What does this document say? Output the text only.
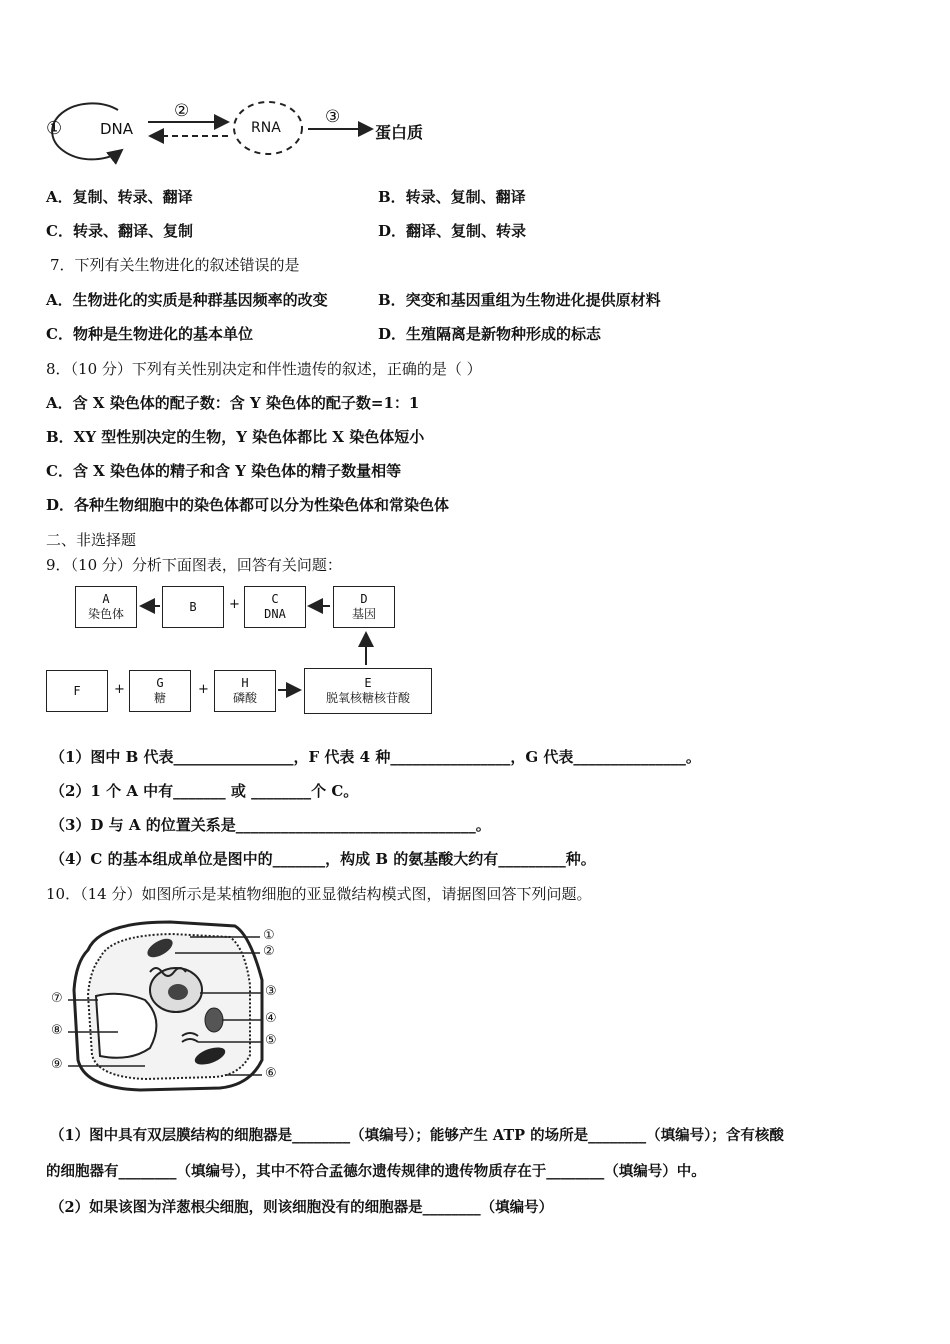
①	DNA
②
RNA
③
蛋白质
A．复制、转录、翻译	B．转录、复制、翻译
C．转录、翻译、复制	D．翻译、复制、转录
7．下列有关生物进化的叙述错误的是
A．生物进化的实质是种群基因频率的改变	B．突变和基因重组为生物进化提供原材料
C．物种是生物进化的基本单位	D．生殖隔离是新物种形成的标志
8．（10 分）下列有关性别决定和伴性遗传的叙述，正确的是（ ）
A．含 X 染色体的配子数：含 Y 染色体的配子数=1：1
B．XY 型性别决定的生物，Y 染色体都比 X 染色体短小
C．含 X 染色体的精子和含 Y 染色体的精子数量相等
D．各种生物细胞中的染色体都可以分为性染色体和常染色体
二、非选择题
9．（10 分）分析下面图表，回答有关问题：
A
染色体
B +	C
DNA
D
基因
F	+	G
糖
+	H
磷酸
E
脱氧核糖核苷酸
（1）图中 B 代表________________，F 代表 4 种________________，G 代表_______________。
（2）1 个 A 中有_______ 或 ________个 C。
（3）D 与 A 的位置关系是________________________________。
（4）C 的基本组成单位是图中的_______，构成 B 的氨基酸大约有_________种。
10．（14 分）如图所示是某植物细胞的亚显微结构模式图，请据图回答下列问题。
①
②
③
④
⑤
⑥
⑦
⑧
⑨
（1）图中具有双层膜结构的细胞器是________（填编号）；能够产生 ATP 的场所是________（填编号）；含有核酸
的细胞器有________（填编号），其中不符合孟德尔遗传规律的遗传物质存在于________（填编号）中。
（2）如果该图为洋葱根尖细胞，则该细胞没有的细胞器是________（填编号）
